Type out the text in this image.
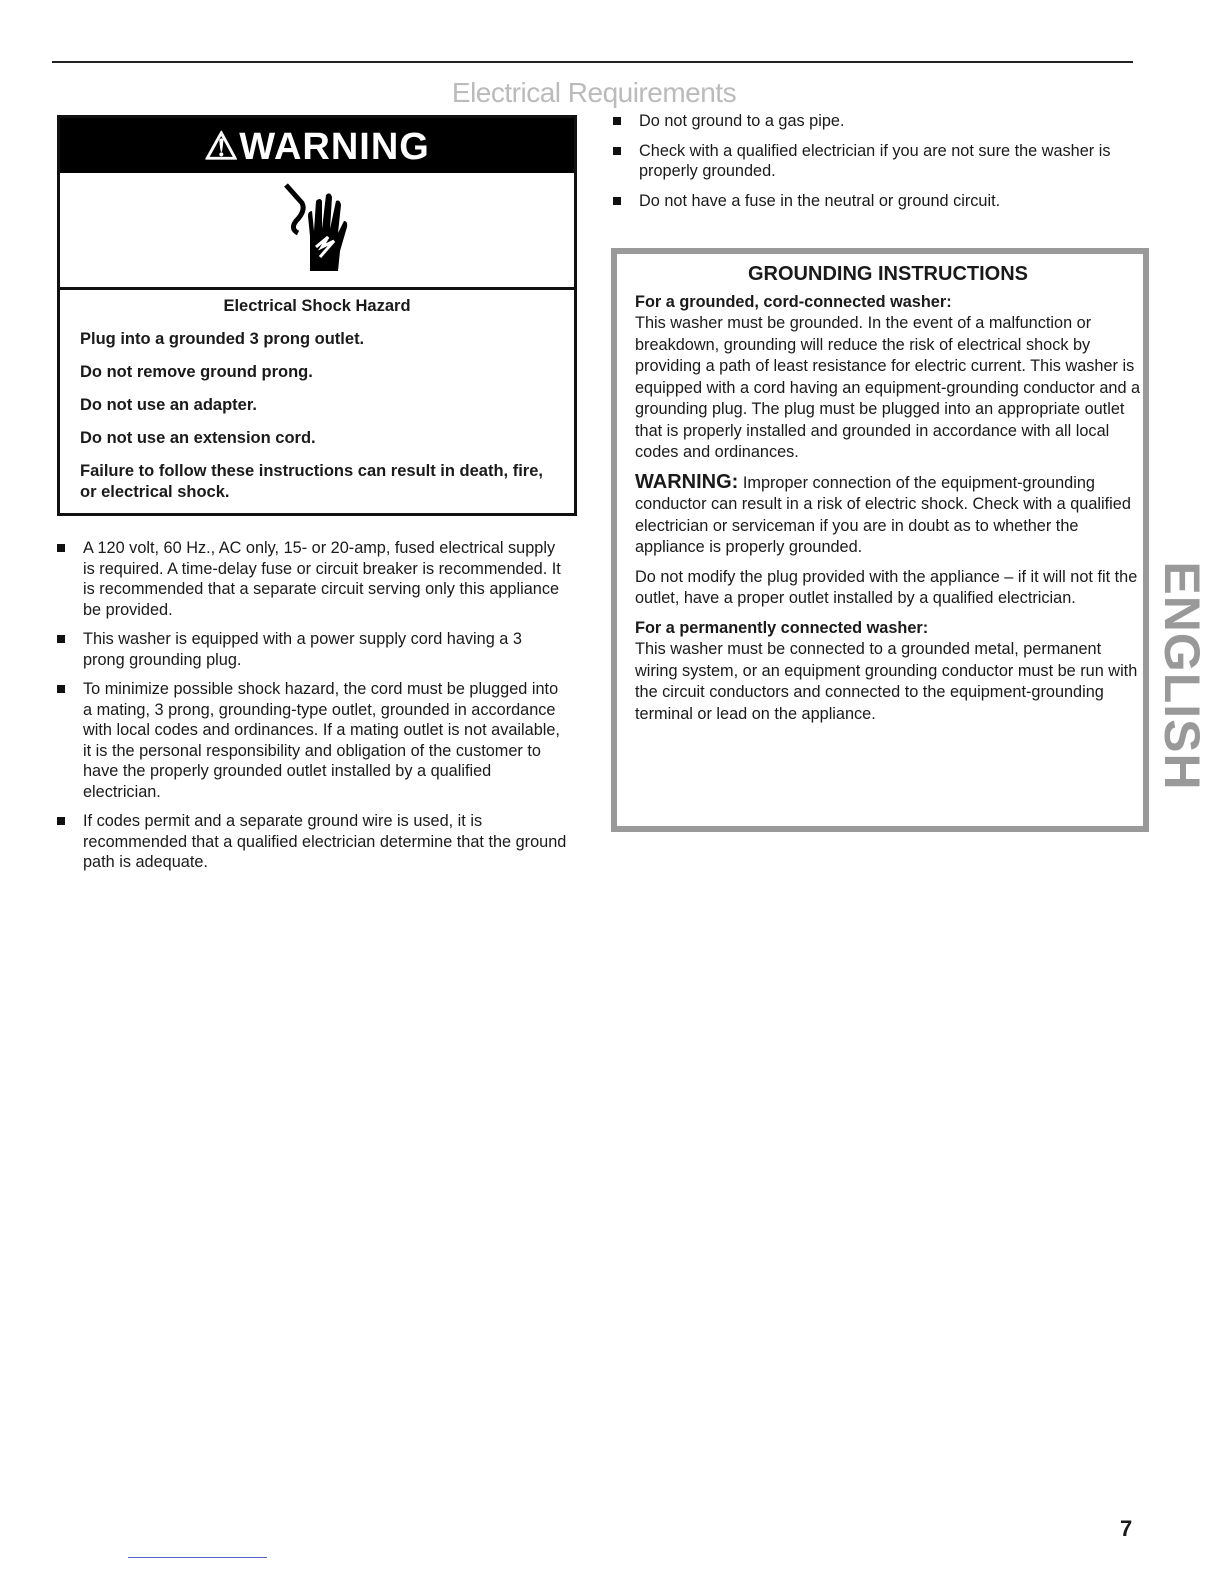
Electrical Requirements
⚠WARNING

Electrical Shock Hazard

Plug into a grounded 3 prong outlet.

Do not remove ground prong.

Do not use an adapter.

Do not use an extension cord.

Failure to follow these instructions can result in death, fire, or electrical shock.

A 120 volt, 60 Hz., AC only, 15- or 20-amp, fused electrical supply is required. A time-delay fuse or circuit breaker is recommended. It is recommended that a separate circuit serving only this appliance be provided.
This washer is equipped with a power supply cord having a 3 prong grounding plug.
To minimize possible shock hazard, the cord must be plugged into a mating, 3 prong, grounding-type outlet, grounded in accordance with local codes and ordinances. If a mating outlet is not available, it is the personal responsibility and obligation of the customer to have the properly grounded outlet installed by a qualified electrician.
If codes permit and a separate ground wire is used, it is recommended that a qualified electrician determine that the ground path is adequate.
Do not ground to a gas pipe.
Check with a qualified electrician if you are not sure the washer is properly grounded.
Do not have a fuse in the neutral or ground circuit.
GROUNDING INSTRUCTIONS
For a grounded, cord-connected washer:

This washer must be grounded. In the event of a malfunction or breakdown, grounding will reduce the risk of electrical shock by providing a path of least resistance for electric current. This washer is equipped with a cord having an equipment-grounding conductor and a grounding plug. The plug must be plugged into an appropriate outlet that is properly installed and grounded in accordance with all local codes and ordinances.

WARNING: Improper connection of the equipment-grounding conductor can result in a risk of electric shock. Check with a qualified electrician or serviceman if you are in doubt as to whether the appliance is properly grounded.

Do not modify the plug provided with the appliance – if it will not fit the outlet, have a proper outlet installed by a qualified electrician.

For a permanently connected washer:

This washer must be connected to a grounded metal, permanent wiring system, or an equipment grounding conductor must be run with the circuit conductors and connected to the equipment-grounding terminal or lead on the appliance.	ENGLISH
7
